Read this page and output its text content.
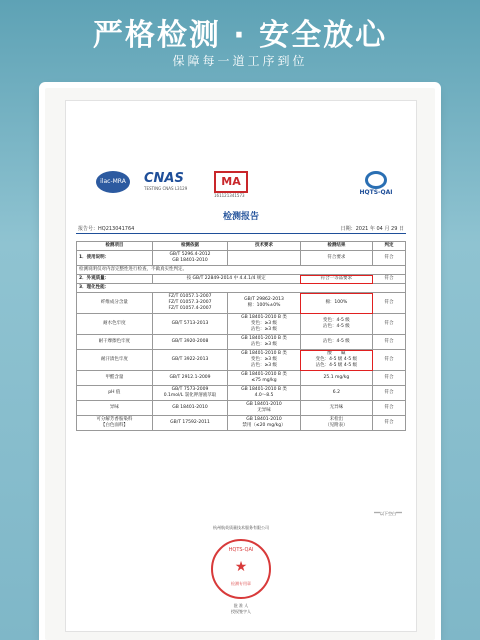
严格检测 · 安全放心
保障每一道工序到位
ilac-MRA	CNAS
TESTING CNAS L3129
MA
161121341573	HQTS-QAI
检测报告
报告号：HQ213041764	日期：2021 年 04 月 29 日
检测项目	检测依据	技术要求	检测结果	判定
1．使用说明：	GB/T 5296.4-2012
GB 18401-2010		符合要求	符合
检测说明仅对内容完整性进行检查，不做真实性判定。				
2．外观质量：	按 GB/T 22849-2014 中 4.4.1/4 规定		符合一等品要求	符合
3．理化性能：				
纤维成分含量	FZ/T 01057.1-2007
FZ/T 01057.3-2007
FZ/T 01057.4-2007	GB/T 29862-2013
棉：100%±0%	棉：100%	符合
耐水色牢度	GB/T 5713-2013	GB 18401-2010 B 类
变色：≥3 级
沾色：≥3 级	变色：4-5 级
沾色：4-5 级	符合
耐干摩擦色牢度	GB/T 3920-2008	GB 18401-2010 B 类
沾色：≥3 级	沾色：4-5 级	符合
耐汗渍色牢度	GB/T 3922-2013	GB 18401-2010 B 类
变色：≥3 级
沾色：≥3 级	酸　　碱
变色：4-5 级 4-5 级
沾色：4-5 级 4-5 级	符合
甲醛含量	GB/T 2912.1-2009	GB 18401-2010 B 类
≤75 mg/kg	25.1 mg/kg	符合
pH 值	GB/T 7573-2009
0.1mol/L 氯化钾溶液萃取	GB 18401-2010 B 类
4.0～8.5	6.2	符合
异味	GB 18401-2010	GB 18401-2010
无异味	无异味	符合
可分解芳香胺染料
【白色面料】	GB/T 17592-2011	GB 18401-2010
禁用（≤20 mg/kg）	未检出
（见附表）	符合
***以下空白***
杭州航英质量技术服务有限公司
HQTS-QAI
★
检测专用章
批 准 人
授权签字人
